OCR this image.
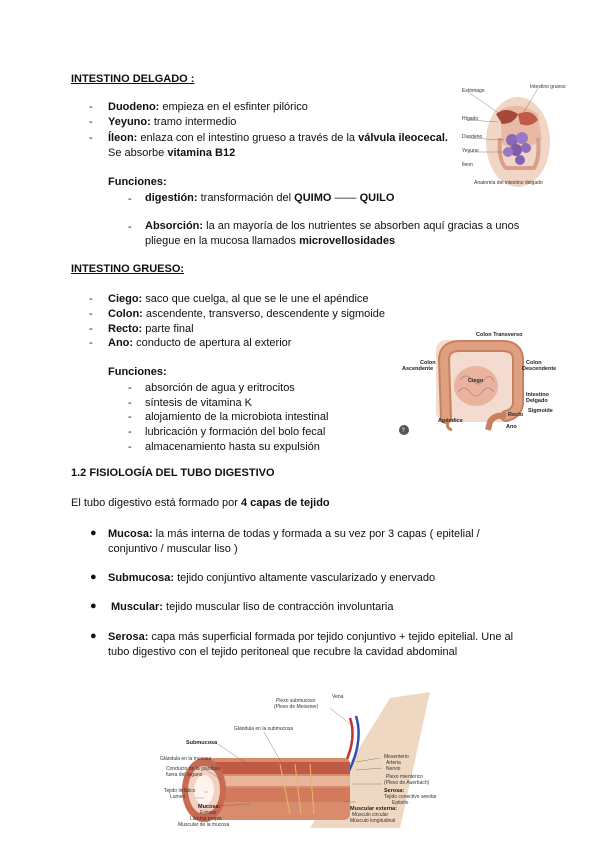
INTESTINO DELGADO :
- Duodeno: empieza en el esfinter pilórico
- Yeyuno: tramo intermedio
- Íleon: enlaza con el intestino grueso a través de la válvula ileocecal.
Se absorbe vitamina B12
Funciones:
- digestión: transformación del QUIMO —— QUILO
- Absorción: la an mayoría de los nutrientes se absorben aquí gracias a unos
pliegue en la mucosa llamados microvellosidades
Estómago
Hígado
Duodeno
Yeyuno
Íleon
Intestino grueso
Anatomía del intestino delgado
INTESTINO GRUESO:
- Ciego: saco que cuelga, al que se le une el apéndice
- Colon: ascendente, transverso, descendente y sigmoide
- Recto: parte final
- Ano: conducto de apertura al exterior
Funciones:
- absorción de agua y eritrocitos
- síntesis de vitamina K
- alojamiento de la microbiota intestinal
- lubricación y formación del bolo fecal
- almacenamiento hasta su expulsión
?
Colon Transverso
Colon
Ascendente
Colon
Descendente
Ciego
Intestino
Delgado
Sigmoide
Recto
Ano
Apéndice
1.2 FISIOLOGÍA DEL TUBO DIGESTIVO
El tubo digestivo está formado por 4 capas de tejido
● Mucosa: la más interna de todas y formada a su vez por 3 capas ( epitelial /
conjuntivo / muscular liso )
● Submucosa: tejido conjuntivo altamente vascularizado y enervado
● Muscular: tejido muscular liso de contracción involuntaria
● Serosa: capa más superficial formada por tejido conjuntivo + tejido epitelial. Une al
tubo digestivo con el tejido peritoneal que recubre la cavidad abdominal
Vena
Plexo submucoso
(Plexo de Meissner)
Glándula en la submucosa
Submucosa
Glándula en la mucosa
Conducto de la glándula
fuera del órgano
Tejido linfático
Lumen
Mucosa:
Epitelio
Lámina propia
Muscular de la mucosa
Mesenterio
Arteria
Nervio
Plexo mientérico
(Plexo de Auerbach)
Serosa:
Tejido conectivo areolar
Epitelio
Muscular externa:
Músculo circular
Músculo longitudinal
